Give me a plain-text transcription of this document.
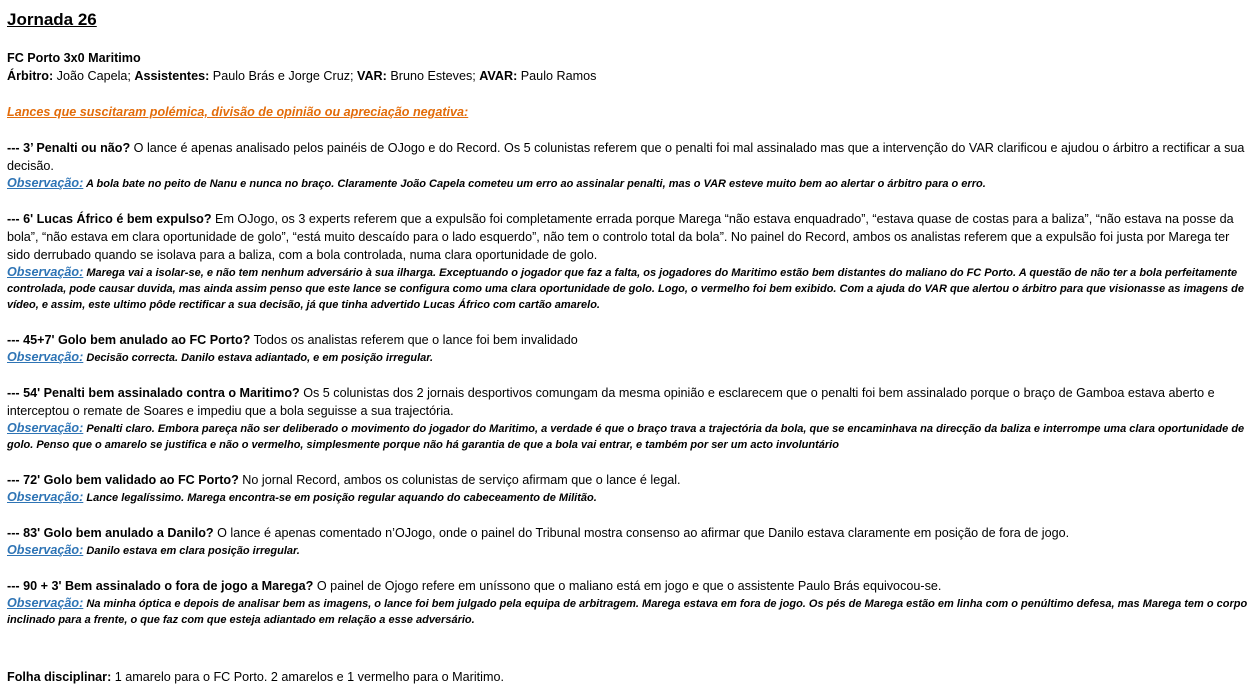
Jornada 26
FC Porto 3x0 Maritimo
Árbitro: João Capela; Assistentes: Paulo Brás e Jorge Cruz; VAR: Bruno Esteves; AVAR: Paulo Ramos
Lances que suscitaram polémica, divisão de opinião ou apreciação negativa:
--- 3’ Penalti ou não? O lance é apenas analisado pelos painéis de OJogo e do Record. Os 5 colunistas referem que o penalti foi mal assinalado mas que a intervenção do VAR clarificou e ajudou o árbitro a rectificar a sua decisão.
Observação: A bola bate no peito de Nanu e nunca no braço. Claramente João Capela cometeu um erro ao assinalar penalti, mas o VAR esteve muito bem ao alertar o árbitro para o erro.
--- 6' Lucas Áfrico é bem expulso? Em OJogo, os 3 experts referem que a expulsão foi completamente errada porque Marega “não estava enquadrado”, “estava quase de costas para a baliza”, “não estava na posse da bola”, “não estava em clara oportunidade de golo”, “está muito descaído para o lado esquerdo”, não tem o controlo total da bola”. No painel do Record, ambos os analistas referem que a expulsão foi justa por Marega ter sido derrubado quando se isolava para a baliza, com a bola controlada, numa clara oportunidade de golo.
Observação: Marega vai a isolar-se, e não tem nenhum adversário à sua ilharga. Exceptuando o jogador que faz a falta, os jogadores do Maritimo estão bem distantes do maliano do FC Porto. A questão de não ter a bola perfeitamente controlada, pode causar duvida, mas ainda assim penso que este lance se configura como uma clara oportunidade de golo. Logo, o vermelho foi bem exibido. Com a ajuda do VAR que alertou o árbitro para que visionasse as imagens de vídeo, e assim, este ultimo pôde rectificar a sua decisão, já que tinha advertido Lucas Áfrico com cartão amarelo.
--- 45+7' Golo bem anulado ao FC Porto? Todos os analistas referem que o lance foi bem invalidado
Observação: Decisão correcta. Danilo estava adiantado, e em posição irregular.
--- 54' Penalti bem assinalado contra o Maritimo? Os 5 colunistas dos 2 jornais desportivos comungam da mesma opinião e esclarecem que o penalti foi bem assinalado porque o braço de Gamboa estava aberto e interceptou o remate de Soares e impediu que a bola seguisse a sua trajectória.
Observação: Penalti claro. Embora pareça não ser deliberado o movimento do jogador do Maritimo, a verdade é que o braço trava a trajectória da bola, que se encaminhava na direcção da baliza e interrompe uma clara oportunidade de golo. Penso que o amarelo se justifica e não o vermelho, simplesmente porque não há garantia de que a bola vai entrar, e também por ser um acto involuntário
--- 72' Golo bem validado ao FC Porto? No jornal Record, ambos os colunistas de serviço afirmam que o lance é legal.
Observação: Lance legalíssimo. Marega encontra-se em posição regular aquando do cabeceamento de Militão.
--- 83' Golo bem anulado a Danilo? O lance é apenas comentado n’OJogo, onde o painel do Tribunal mostra consenso ao afirmar que Danilo estava claramente em posição de fora de jogo.
Observação: Danilo estava em clara posição irregular.
--- 90 + 3' Bem assinalado o fora de jogo a Marega? O painel de Ojogo refere em uníssono que o maliano está em jogo e que o assistente Paulo Brás equivocou-se.
Observação: Na minha óptica e depois de analisar bem as imagens, o lance foi bem julgado pela equipa de arbitragem. Marega estava em fora de jogo. Os pés de Marega estão em linha com o penúltimo defesa, mas Marega tem o corpo inclinado para a frente, o que faz com que esteja adiantado em relação a esse adversário.
Folha disciplinar: 1 amarelo para o FC Porto. 2 amarelos e 1 vermelho para o Maritimo.
